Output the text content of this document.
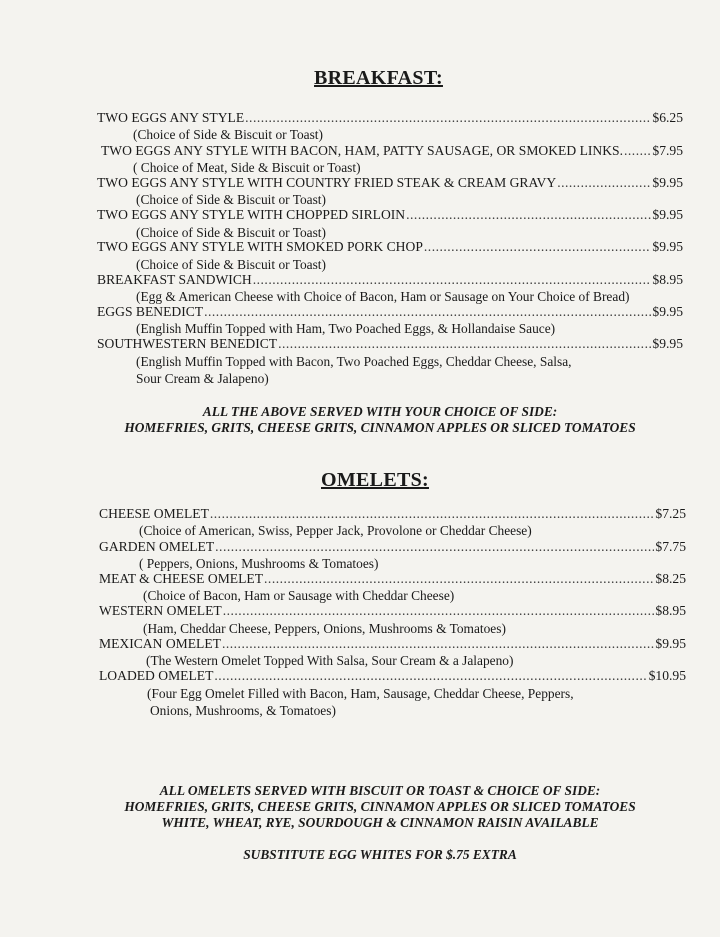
BREAKFAST:
TWO EGGS ANY STYLE .....	$6.25
(Choice of Side & Biscuit or Toast)
TWO EGGS ANY STYLE WITH BACON, HAM, PATTY SAUSAGE, OR SMOKED LINKS. ..... $7.95
( Choice of Meat, Side & Biscuit or Toast)
TWO EGGS ANY STYLE WITH COUNTRY FRIED STEAK & CREAM GRAVY .....	$9.95
(Choice of Side & Biscuit or Toast)
TWO EGGS ANY STYLE WITH CHOPPED SIRLOIN .....	$9.95
(Choice of Side & Biscuit or Toast)
TWO EGGS ANY STYLE WITH SMOKED PORK CHOP .....	$9.95
(Choice of Side & Biscuit or Toast)
BREAKFAST SANDWICH .....	$8.95
(Egg & American Cheese with Choice of Bacon, Ham or Sausage on Your Choice of Bread)
EGGS BENEDICT .....	$9.95
(English Muffin Topped with Ham, Two Poached Eggs, & Hollandaise Sauce)
SOUTHWESTERN BENEDICT .....	$9.95
(English Muffin Topped with Bacon, Two Poached Eggs, Cheddar Cheese, Salsa,
Sour Cream & Jalapeno)
ALL THE ABOVE SERVED WITH YOUR CHOICE OF SIDE:
HOMEFRIES, GRITS, CHEESE GRITS, CINNAMON APPLES OR SLICED TOMATOES
OMELETS:
CHEESE OMELET .....	$7.25
(Choice of American, Swiss, Pepper Jack, Provolone or Cheddar Cheese)
GARDEN OMELET .....	$7.75
( Peppers, Onions, Mushrooms & Tomatoes)
MEAT & CHEESE OMELET .....	$8.25
(Choice of Bacon, Ham or Sausage with Cheddar Cheese)
WESTERN OMELET .....	$8.95
(Ham, Cheddar Cheese, Peppers, Onions, Mushrooms & Tomatoes)
MEXICAN OMELET .....	$9.95
(The Western Omelet Topped With Salsa, Sour Cream & a Jalapeno)
LOADED OMELET .....	$10.95
(Four Egg Omelet Filled with Bacon, Ham, Sausage, Cheddar Cheese, Peppers,
Onions, Mushrooms, & Tomatoes)
ALL OMELETS SERVED WITH BISCUIT OR TOAST & CHOICE OF SIDE:
HOMEFRIES, GRITS, CHEESE GRITS, CINNAMON APPLES OR SLICED TOMATOES
WHITE, WHEAT, RYE, SOURDOUGH & CINNAMON RAISIN AVAILABLE
SUBSTITUTE EGG WHITES FOR $.75 EXTRA
